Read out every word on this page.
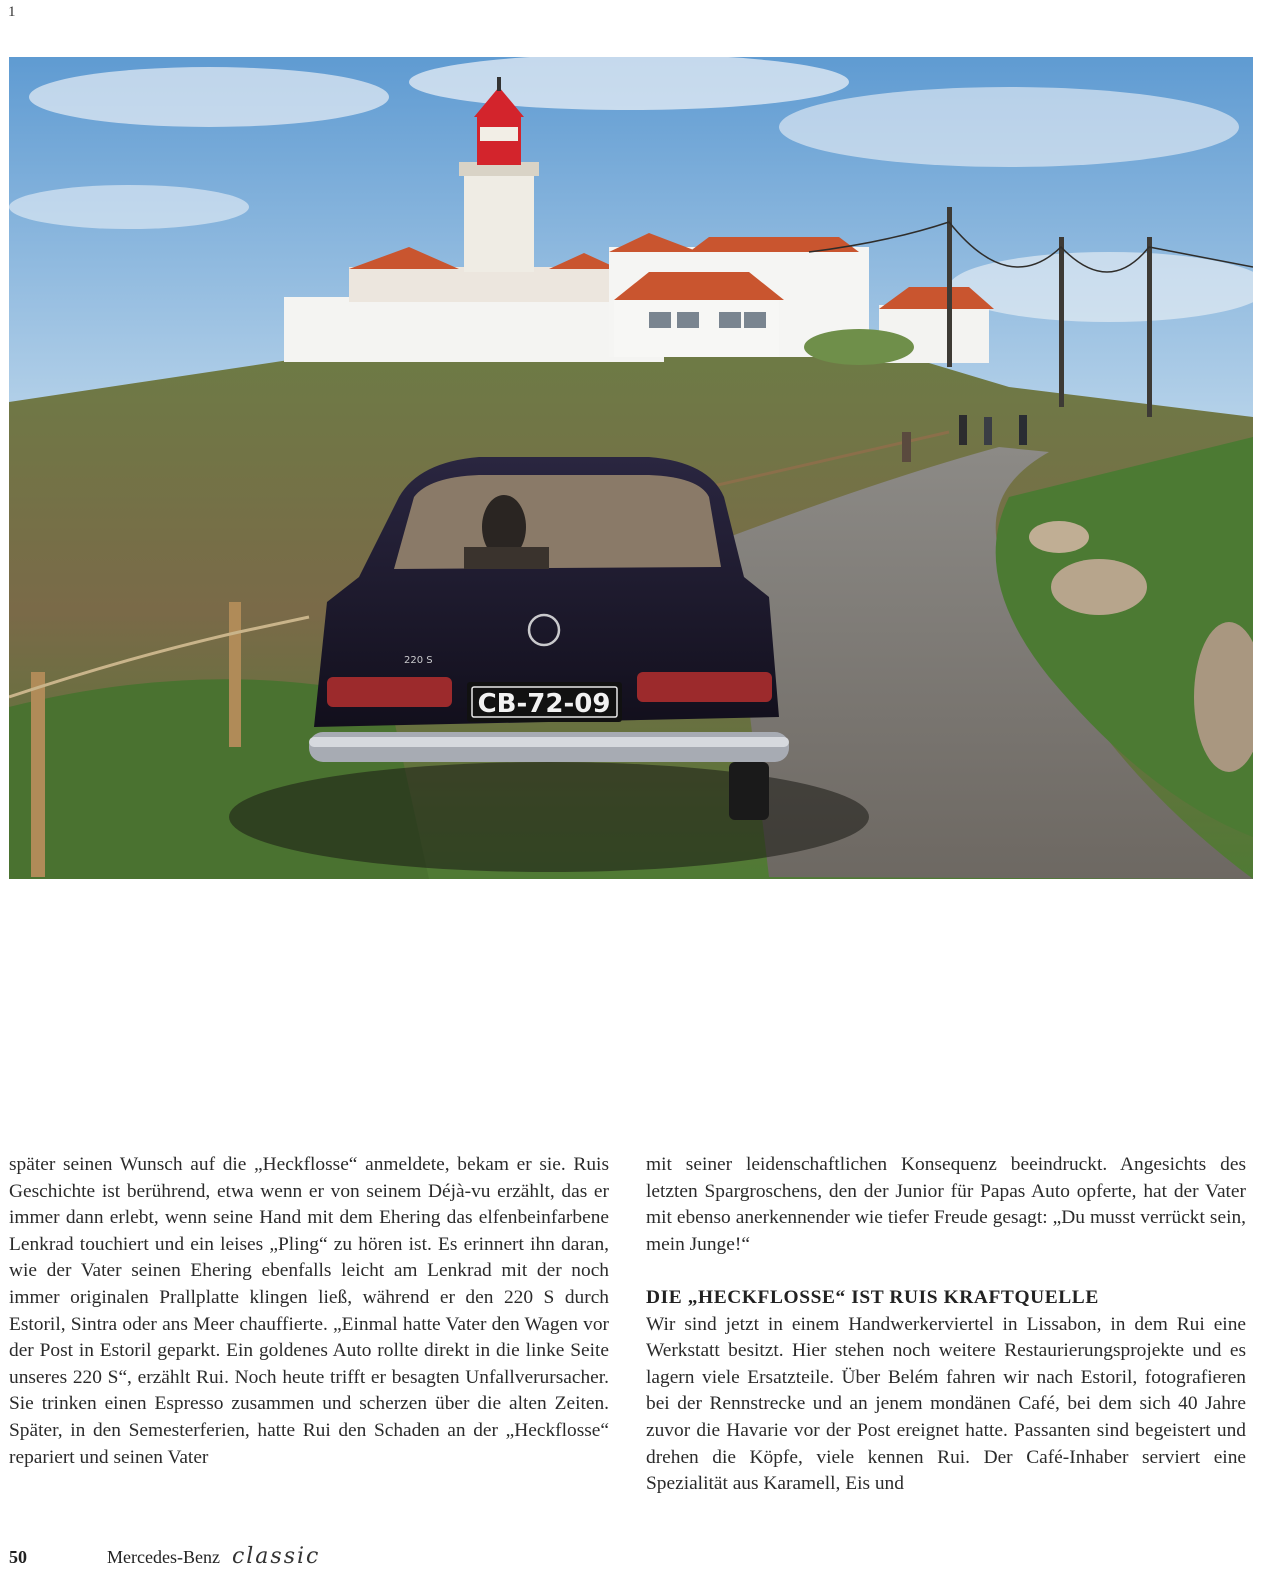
1
CB-72-09
220 S

später seinen Wunsch auf die „Heckflosse“ anmeldete, bekam er sie. Ruis Geschichte ist berührend, etwa wenn er von seinem Déjà-vu erzählt, das er immer dann erlebt, wenn seine Hand mit dem Ehering das elfenbeinfarbene Lenkrad touchiert und ein leises „Pling“ zu hören ist. Es erinnert ihn daran, wie der Vater seinen Ehering ebenfalls leicht am Lenkrad mit der noch immer originalen Prallplatte klingen ließ, während er den 220 S durch Estoril, Sintra oder ans Meer chauffierte. „Einmal hatte Vater den Wagen vor der Post in Estoril geparkt. Ein goldenes Auto rollte direkt in die linke Seite unseres 220 S“, erzählt Rui. Noch heute trifft er besagten Unfallverursacher. Sie trinken einen Espresso zusammen und scherzen über die alten Zeiten. Später, in den Semesterferien, hatte Rui den Schaden an der „Heckflosse“ repariert und seinen Vater

mit seiner leidenschaftlichen Konsequenz beeindruckt. Angesichts des letzten Spargroschens, den der Junior für Papas Auto opferte, hat der Vater mit ebenso anerkennender wie tiefer Freude gesagt: „Du musst verrückt sein, mein Junge!“

DIE „HECKFLOSSE“ IST RUIS KRAFTQUELLE

Wir sind jetzt in einem Handwerkerviertel in Lissabon, in dem Rui eine Werkstatt besitzt. Hier stehen noch weitere Restaurierungsprojekte und es lagern viele Ersatzteile. Über Belém fahren wir nach Estoril, fotografieren bei der Rennstrecke und an jenem mondänen Café, bei dem sich 40 Jahre zuvor die Havarie vor der Post ereignet hatte. Passanten sind begeistert und drehen die Köpfe, viele kennen Rui. Der Café-Inhaber serviert eine Spezialität aus Karamell, Eis und

50	Mercedes-Benz classic
